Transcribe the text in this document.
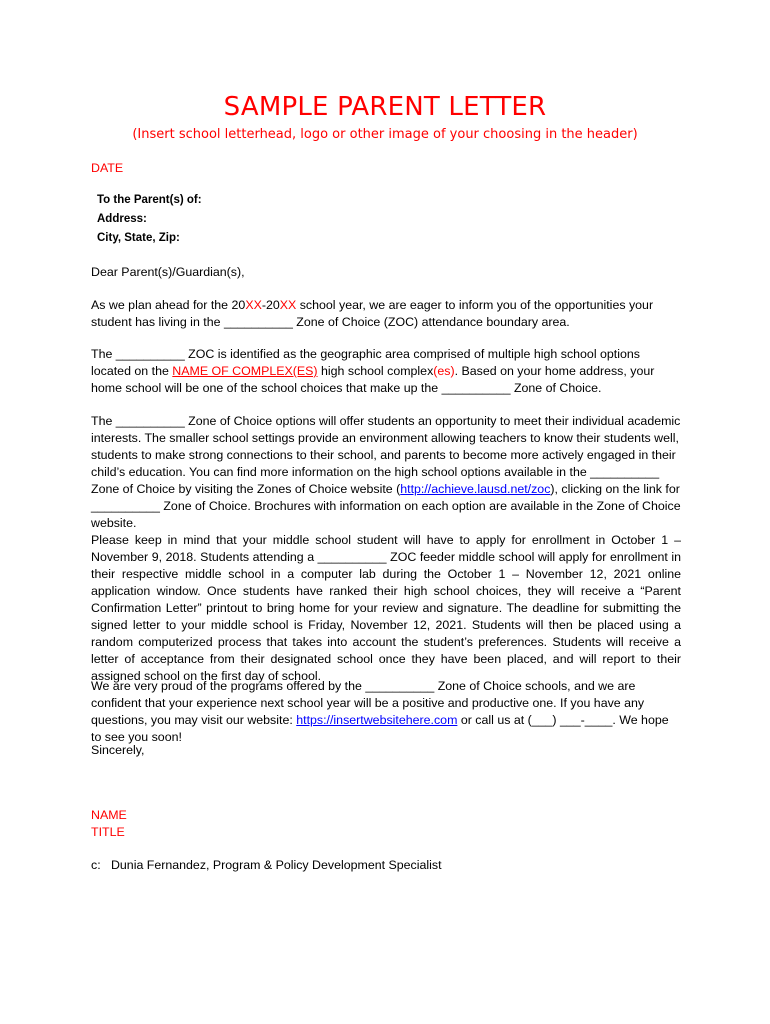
SAMPLE PARENT LETTER
(Insert school letterhead, logo or other image of your choosing in the header)
DATE
To the Parent(s) of:
Address:
City, State, Zip:
Dear Parent(s)/Guardian(s),
As we plan ahead for the 20XX-20XX school year, we are eager to inform you of the opportunities your student has living in the __________ Zone of Choice (ZOC) attendance boundary area.
The __________ ZOC is identified as the geographic area comprised of multiple high school options located on the NAME OF COMPLEX(ES) high school complex(es). Based on your home address, your home school will be one of the school choices that make up the __________ Zone of Choice.
The __________ Zone of Choice options will offer students an opportunity to meet their individual academic interests. The smaller school settings provide an environment allowing teachers to know their students well, students to make strong connections to their school, and parents to become more actively engaged in their child’s education. You can find more information on the high school options available in the __________ Zone of Choice by visiting the Zones of Choice website (http://achieve.lausd.net/zoc), clicking on the link for __________ Zone of Choice. Brochures with information on each option are available in the Zone of Choice website.
Please keep in mind that your middle school student will have to apply for enrollment in October 1 – November 9, 2018. Students attending a __________ ZOC feeder middle school will apply for enrollment in their respective middle school in a computer lab during the October 1 – November 12, 2021 online application window. Once students have ranked their high school choices, they will receive a “Parent Confirmation Letter” printout to bring home for your review and signature. The deadline for submitting the signed letter to your middle school is Friday, November 12, 2021. Students will then be placed using a random computerized process that takes into account the student’s preferences. Students will receive a letter of acceptance from their designated school once they have been placed, and will report to their assigned school on the first day of school.
We are very proud of the programs offered by the __________ Zone of Choice schools, and we are confident that your experience next school year will be a positive and productive one. If you have any questions, you may visit our website: https://insertwebsitehere.com or call us at (___) ___-____. We hope to see you soon!
Sincerely,
NAME
TITLE
c:   Dunia Fernandez, Program & Policy Development Specialist
